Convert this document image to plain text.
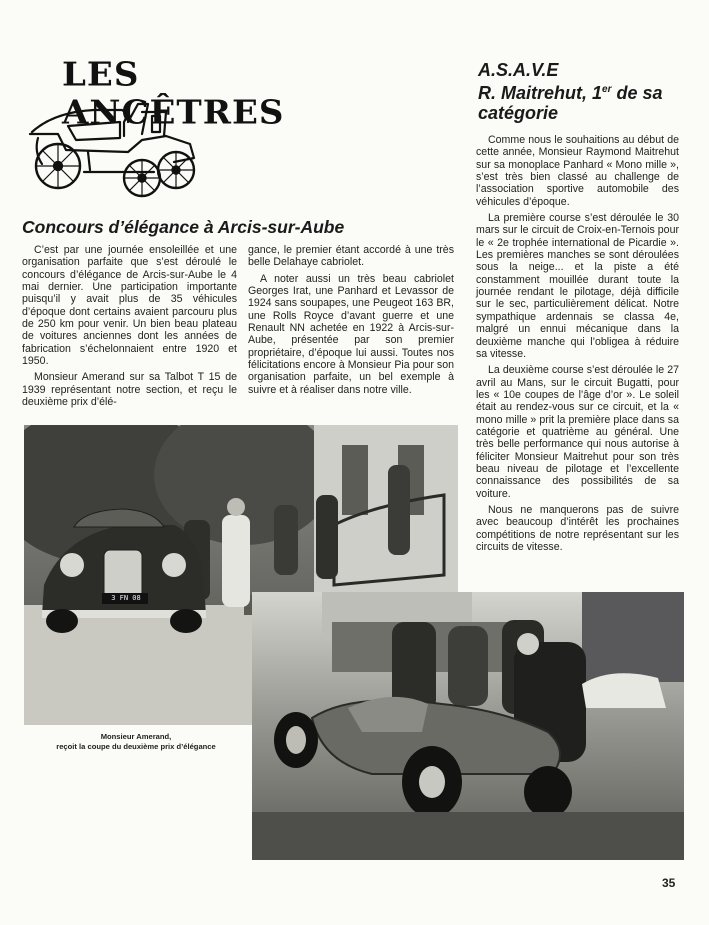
LES ANCÊTRES
A.S.A.V.E
R. Maitrehut, 1er de sa
catégorie
Concours d’élégance à Arcis-sur-Aube

C’est par une journée ensoleillée et une organisation parfaite que s’est déroulé le concours d’élégance de Arcis-sur-Aube le 4 mai dernier. Une participation importante puisqu’il y avait plus de 35 véhicules d’époque dont certains avaient parcouru plus de 250 km pour venir. Un bien beau plateau de voitures anciennes dont les années de fabrication s’échelonnaient entre 1920 et 1950.

Monsieur Amerand sur sa Talbot T 15 de 1939 représentant notre section, et reçu le deuxième prix d’élé-

gance, le premier étant accordé à une très belle Delahaye cabriolet.

A noter aussi un très beau cabriolet Georges Irat, une Panhard et Levassor de 1924 sans soupapes, une Peugeot 163 BR, une Rolls Royce d’avant guerre et une Renault NN achetée en 1922 à Arcis-sur-Aube, présentée par son premier propriétaire, d’époque lui aussi. Toutes nos félicitations encore à Monsieur Pia pour son organisation parfaite, un bel exemple à suivre et à réaliser dans notre ville.

Comme nous le souhaitions au début de cette année, Monsieur Raymond Maitrehut sur sa monoplace Panhard « Mono mille », s’est très bien classé au challenge de l’association sportive automobile des véhicules d’époque.

La première course s’est déroulée le 30 mars sur le circuit de Croix-en-Ternois pour le « 2e trophée international de Picardie ». Les premières manches se sont déroulées sous la neige... et la piste a été constamment mouillée durant toute la journée rendant le pilotage, déjà difficile sur le sec, particulièrement délicat. Notre sympathique ardennais se classa 4e, malgré un ennui mécanique dans la deuxième manche qui l’obligea à réduire sa vitesse.

La deuxième course s’est déroulée le 27 avril au Mans, sur le circuit Bugatti, pour les « 10e coupes de l’âge d’or ». Le soleil était au rendez-vous sur ce circuit, et la « mono mille » prit la première place dans sa catégorie et quatrième au général. Une très belle performance qui nous autorise à féliciter Monsieur Maitrehut pour son très beau niveau de pilotage et l’excellente connaissance des possibilités de sa voiture.

Nous ne manquerons pas de suivre avec beaucoup d’intérêt les prochaines compétitions de notre représentant sur les circuits de vitesse.

3 FN 08
Monsieur Amerand,
reçoit la coupe du deuxième prix d’élégance
35
